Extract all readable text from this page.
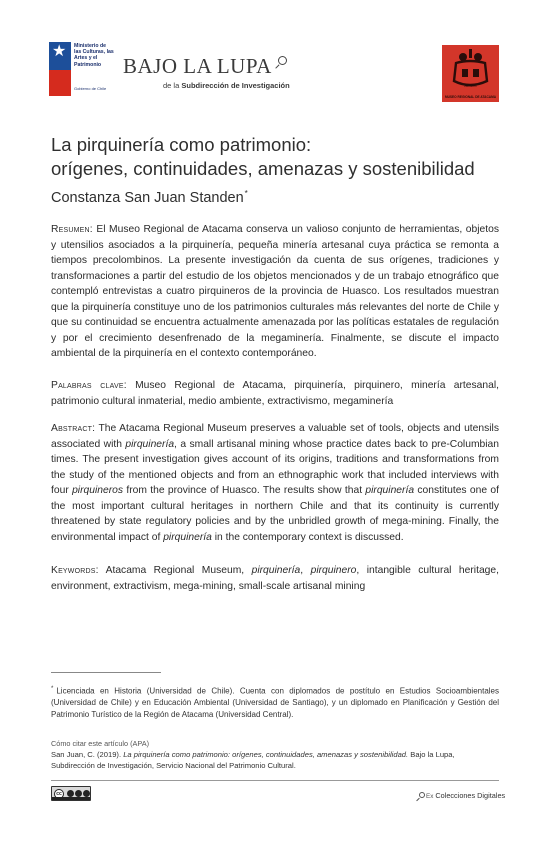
★ Ministerio de las Culturas, las Artes y el Patrimonio
Gobierno de Chile
BAJO LA LUPA
de la Subdirección de Investigación	ADMM
MUSEO REGIONAL DE ATACAMA
La pirquinería como patrimonio:
orígenes, continuidades, amenazas y sostenibilidad
Constanza San Juan Standen*

Resumen: El Museo Regional de Atacama conserva un valioso conjunto de herramientas, objetos y utensilios asociados a la pirquinería, pequeña minería artesanal cuya práctica se remonta a tiempos precolombinos. La presente investigación da cuenta de sus orígenes, tradiciones y transformaciones a partir del estudio de los objetos mencionados y de un trabajo etnográfico que contempló entrevistas a cuatro pirquineros de la provincia de Huasco. Los resultados muestran que la pirquinería constituye uno de los patrimonios culturales más relevantes del norte de Chile y que su continuidad se encuentra actualmente amenazada por las políticas estatales de regulación y por el crecimiento desenfrenado de la megaminería. Finalmente, se discute el impacto ambiental de la pirquinería en el contexto contemporáneo.

Palabras clave: Museo Regional de Atacama, pirquinería, pirquinero, minería artesanal, patrimonio cultural inmaterial, medio ambiente, extractivismo, megaminería

Abstract: The Atacama Regional Museum preserves a valuable set of tools, objects and utensils associated with pirquinería, a small artisanal mining whose practice dates back to pre-Columbian times. The present investigation gives account of its origins, traditions and transformations from the study of the mentioned objects and from an ethnographic work that included interviews with four pirquineros from the province of Huasco. The results show that pirquinería constitutes one of the most important cultural heritages in northern Chile and that its continuity is currently threatened by state regulatory policies and by the unbridled growth of mega-mining. Finally, the environmental impact of pirquinería in the contemporary context is discussed.

Keywords: Atacama Regional Museum, pirquinería, pirquinero, intangible cultural heritage, environment, extractivism, mega-mining, small-scale artisanal mining

* Licenciada en Historia (Universidad de Chile). Cuenta con diplomados de postítulo en Estudios Socioambientales (Universidad de Chile) y en Educación Ambiental (Universidad de Santiago), y un diplomado en Planificación y Gestión del Patrimonio Turístico de la Región de Atacama (Universidad Central).

Cómo citar este artículo (APA)

San Juan, C. (2019). La pirquinería como patrimonio: orígenes, continuidades, amenazas y sostenibilidad. Bajo la Lupa, Subdirección de Investigación, Servicio Nacional del Patrimonio Cultural.

cc	Ex Colecciones Digitales
